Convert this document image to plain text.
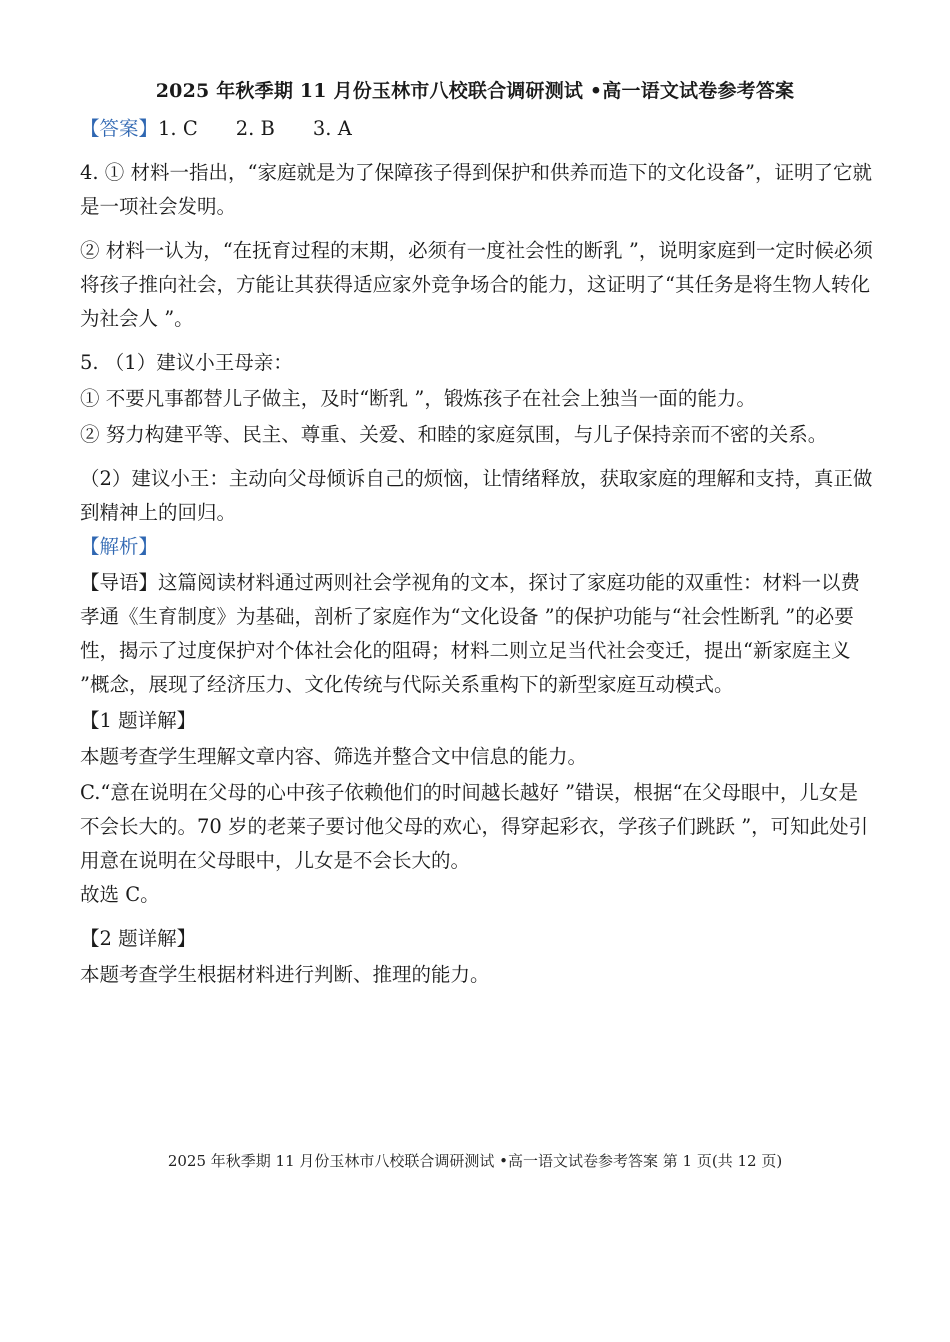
2025 年秋季期 11 月份玉林市八校联合调研测试 •高一语文试卷参考答案

【答案】1. C 2. B 3. A

4. ① 材料一指出，“家庭就是为了保障孩子得到保护和供养而造下的文化设备”，证明了它就是一项社会发明。

② 材料一认为，“在抚育过程的末期，必须有一度社会性的断乳 ”，说明家庭到一定时候必须将孩子推向社会，方能让其获得适应家外竞争场合的能力，这证明了“其任务是将生物人转化为社会人 ”。

5. （1）建议小王母亲：

① 不要凡事都替儿子做主，及时“断乳 ”，锻炼孩子在社会上独当一面的能力。

② 努力构建平等、民主、尊重、关爱、和睦的家庭氛围，与儿子保持亲而不密的关系。

（2）建议小王：主动向父母倾诉自己的烦恼，让情绪释放，获取家庭的理解和支持，真正做到精神上的回归。

【解析】

【导语】这篇阅读材料通过两则社会学视角的文本，探讨了家庭功能的双重性：材料一以费孝通《生育制度》为基础，剖析了家庭作为“文化设备 ”的保护功能与“社会性断乳 ”的必要性，揭示了过度保护对个体社会化的阻碍；材料二则立足当代社会变迁，提出“新家庭主义 ”概念，展现了经济压力、文化传统与代际关系重构下的新型家庭互动模式。

【1 题详解】

本题考查学生理解文章内容、筛选并整合文中信息的能力。

C.“意在说明在父母的心中孩子依赖他们的时间越长越好 ”错误，根据“在父母眼中，儿女是不会长大的。70 岁的老莱子要讨他父母的欢心，得穿起彩衣，学孩子们跳跃 ”，可知此处引用意在说明在父母眼中，儿女是不会长大的。

故选 C。

【2 题详解】

本题考查学生根据材料进行判断、推理的能力。

2025 年秋季期 11 月份玉林市八校联合调研测试 •高一语文试卷参考答案 第 1 页(共 12 页)
